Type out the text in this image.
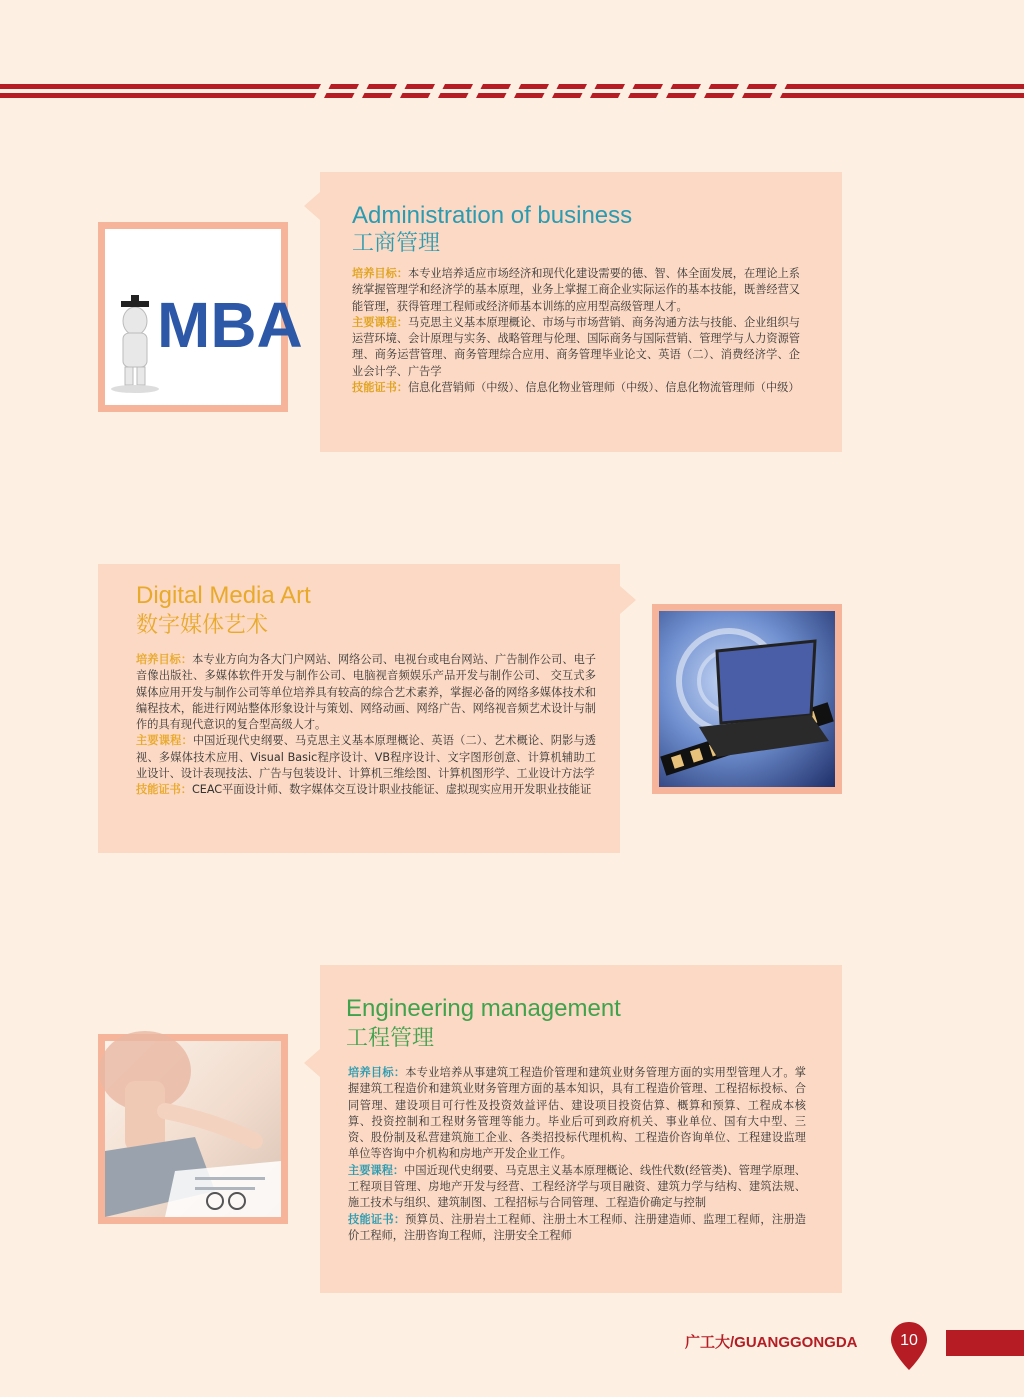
Administration of business
工商管理

培养目标：本专业培养适应市场经济和现代化建设需要的德、智、体全面发展，在理论上系统掌握管理学和经济学的基本原理，业务上掌握工商企业实际运作的基本技能，既善经营又能管理，获得管理工程师或经济师基本训练的应用型高级管理人才。

主要课程：马克思主义基本原理概论、市场与市场营销、商务沟通方法与技能、企业组织与运营环境、会计原理与实务、战略管理与伦理、国际商务与国际营销、管理学与人力资源管理、商务运营管理、商务管理综合应用、商务管理毕业论文、英语（二）、消费经济学、企业会计学、广告学

技能证书：信息化营销师（中级）、信息化物业管理师（中级）、信息化物流管理师（中级）

MBA
Digital Media Art
数字媒体艺术

培养目标：本专业方向为各大门户网站、网络公司、电视台或电台网站、广告制作公司、电子音像出版社、多媒体软件开发与制作公司、电脑视音频娱乐产品开发与制作公司、 交互式多媒体应用开发与制作公司等单位培养具有较高的综合艺术素养，掌握必备的网络多媒体技术和编程技术，能进行网站整体形象设计与策划、网络动画、网络广告、网络视音频艺术设计与制作的具有现代意识的复合型高级人才。

主要课程：中国近现代史纲要、马克思主义基本原理概论、英语（二）、艺术概论、阴影与透视、多媒体技术应用、Visual Basic程序设计、VB程序设计、文字图形创意、计算机辅助工业设计、设计表现技法、广告与包装设计、计算机三维绘图、计算机图形学、工业设计方法学

技能证书：CEAC平面设计师、数字媒体交互设计职业技能证、虚拟现实应用开发职业技能证

Engineering management
工程管理

培养目标：本专业培养从事建筑工程造价管理和建筑业财务管理方面的实用型管理人才。掌握建筑工程造价和建筑业财务管理方面的基本知识，具有工程造价管理、工程招标投标、合同管理、建设项目可行性及投资效益评估、建设项目投资估算、概算和预算、工程成本核算、投资控制和工程财务管理等能力。毕业后可到政府机关、事业单位、国有大中型、三资、股份制及私营建筑施工企业、各类招投标代理机构、工程造价咨询单位、工程建设监理单位等咨询中介机构和房地产开发企业工作。

主要课程：中国近现代史纲要、马克思主义基本原理概论、线性代数(经管类)、管理学原理、工程项目管理、房地产开发与经营、工程经济学与项目融资、建筑力学与结构、建筑法规、施工技术与组织、建筑制图、工程招标与合同管理、工程造价确定与控制

技能证书：预算员、注册岩土工程师、注册土木工程师、注册建造师、监理工程师，注册造价工程师，注册咨询工程师，注册安全工程师

广工大/GUANGGONGDA	10
